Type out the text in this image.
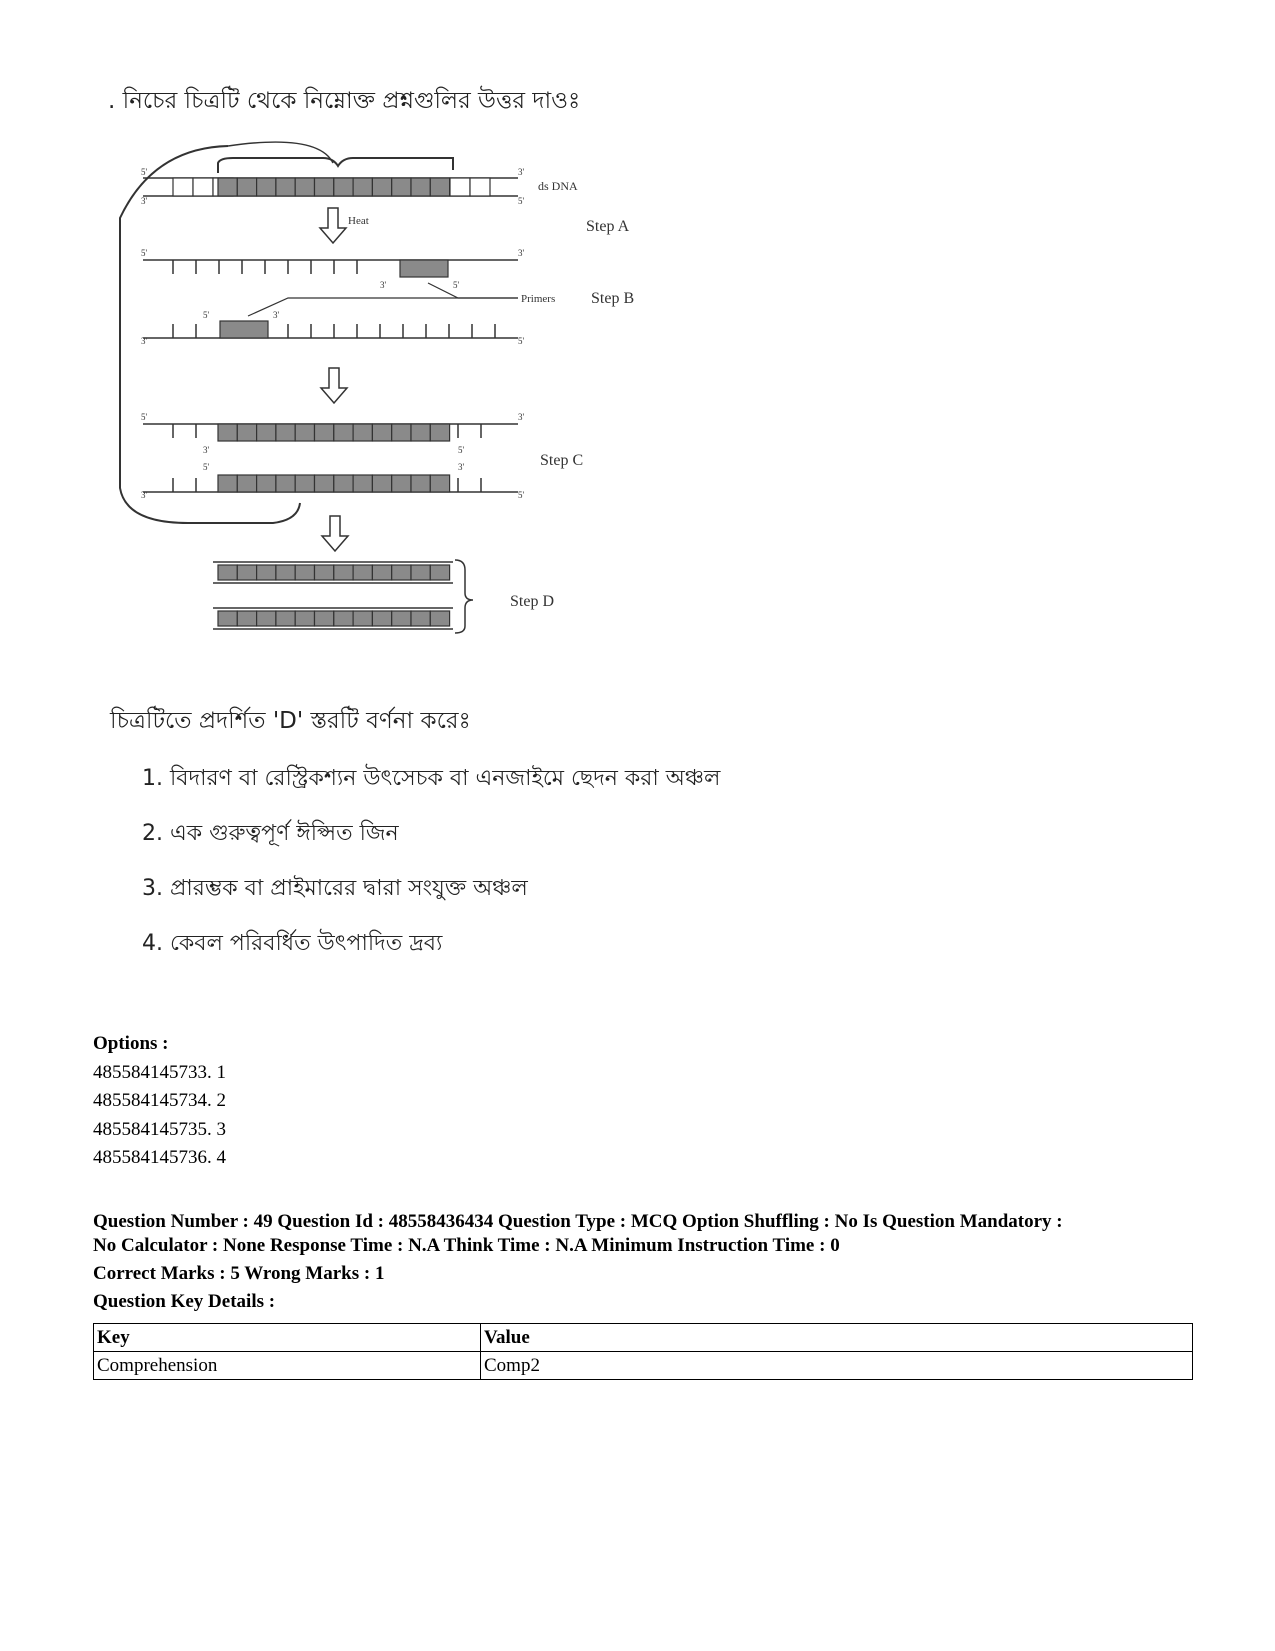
. নিচের চিত্রটি থেকে নিম্নোক্ত প্রশ্নগুলির উত্তর দাওঃ
5'
3'
3'
5'
ds DNA
Step A
Heat
5'	3'
3'	5'
3'	5'
5'	3'
Primers Step B
5'	3'
3'	5'
3'	5'
5'	3'	Step C
Step D
চিত্রটিতে প্রদর্শিত 'D' স্তরটি বর্ণনা করেঃ
1. বিদারণ বা রেস্ট্রিকশ্যন উৎসেচক বা এনজাইমে ছেদন করা অঞ্চল
2. এক গুরুত্বপূর্ণ ঈপ্সিত জিন
3. প্রারম্ভক বা প্রাইমারের দ্বারা সংযুক্ত অঞ্চল
4. কেবল পরিবর্ধিত উৎপাদিত দ্রব্য
Options :
485584145733. 1
485584145734. 2
485584145735. 3
485584145736. 4
Question Number : 49 Question Id : 48558436434 Question Type : MCQ Option Shuffling : No Is Question Mandatory :
No Calculator : None Response Time : N.A Think Time : N.A Minimum Instruction Time : 0
Correct Marks : 5 Wrong Marks : 1
Question Key Details :
Key	Value
Comprehension	Comp2
